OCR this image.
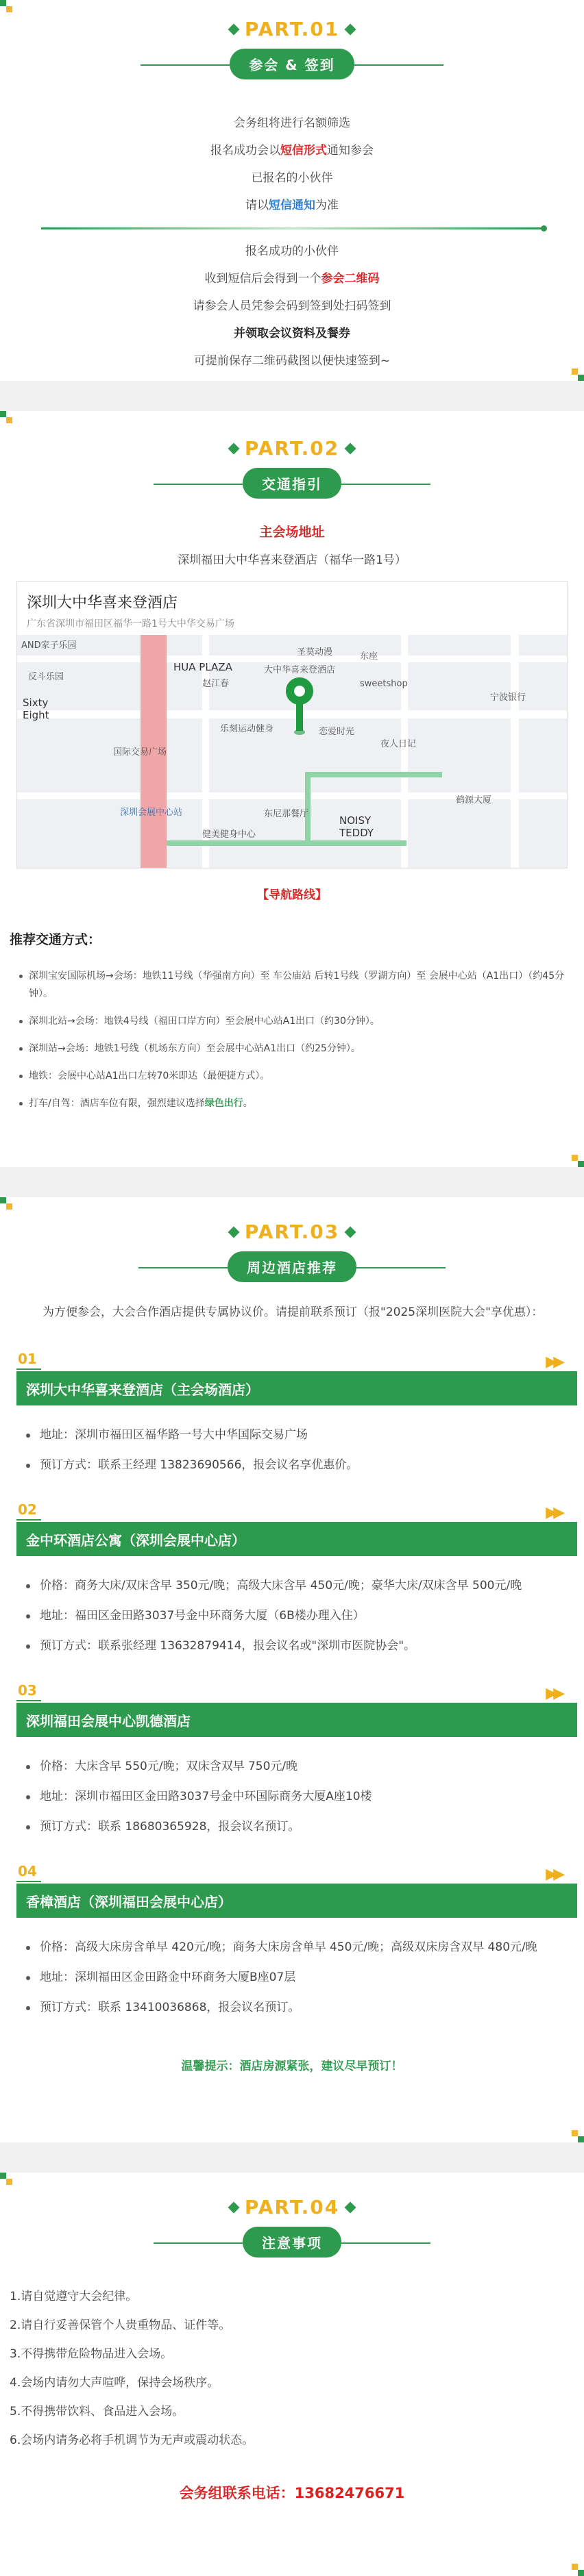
PART.01
参会 & 签到
会务组将进行名额筛选
报名成功会以短信形式通知参会
已报名的小伙伴
请以短信通知为准
报名成功的小伙伴
收到短信后会得到一个参会二维码
请参会人员凭参会码到签到处扫码签到
并领取会议资料及餐券
可提前保存二维码截图以便快速签到~
PART.02
交通指引
主会场地址
深圳福田大中华喜来登酒店（福华一路1号）
深圳大中华喜来登酒店
广东省深圳市福田区福华一路1号大中华交易广场
AND家子乐园
HUA PLAZA
圣莫动漫	东座
反斗乐园
Sixty Eight
赵江春
大中华喜来登酒店
sweetshop
宁波银行
乐刻运动健身	恋爱时光
东尼那餐厅
夜人日记
NOISY TEDDY
健美健身中心
鹤源大厦
国际交易广场
深圳会展中心站
【导航路线】
推荐交通方式：
深圳宝安国际机场→会场：地铁11号线（华强南方向）至 车公庙站 后转1号线（罗湖方向）至 会展中心站（A1出口）（约45分钟）。
深圳北站→会场：地铁4号线（福田口岸方向）至会展中心站A1出口（约30分钟）。
深圳站→会场：地铁1号线（机场东方向）至会展中心站A1出口（约25分钟）。
地铁：会展中心站A1出口左转70米即达（最便捷方式）。
打车/自驾：酒店车位有限，强烈建议选择绿色出行。
PART.03
周边酒店推荐
为方便参会，大会合作酒店提供专属协议价。请提前联系预订（报"2025深圳医院大会"享优惠）：
01
深圳大中华喜来登酒店（主会场酒店）
▶▶
地址：深圳市福田区福华路一号大中华国际交易广场
预订方式：联系王经理 13823690566，报会议名享优惠价。
02
金中环酒店公寓（深圳会展中心店）
▶▶
价格：商务大床/双床含早 350元/晚；高级大床含早 450元/晚；豪华大床/双床含早 500元/晚
地址：福田区金田路3037号金中环商务大厦（6B楼办理入住）
预订方式：联系张经理 13632879414，报会议名或"深圳市医院协会"。
03
深圳福田会展中心凯德酒店
▶▶
价格：大床含早 550元/晚；双床含双早 750元/晚
地址：深圳市福田区金田路3037号金中环国际商务大厦A座10楼
预订方式：联系 18680365928，报会议名预订。
04
香樟酒店（深圳福田会展中心店）
▶▶
价格：高级大床房含单早 420元/晚；商务大床房含单早 450元/晚；高级双床房含双早 480元/晚
地址：深圳福田区金田路金中环商务大厦B座07层
预订方式：联系 13410036868，报会议名预订。
温馨提示：酒店房源紧张，建议尽早预订！
PART.04
注意事项
1.请自觉遵守大会纪律。
2.请自行妥善保管个人贵重物品、证件等。
3.不得携带危险物品进入会场。
4.会场内请勿大声喧哗，保持会场秩序。
5.不得携带饮料、食品进入会场。
6.会场内请务必将手机调节为无声或震动状态。
会务组联系电话：13682476671
